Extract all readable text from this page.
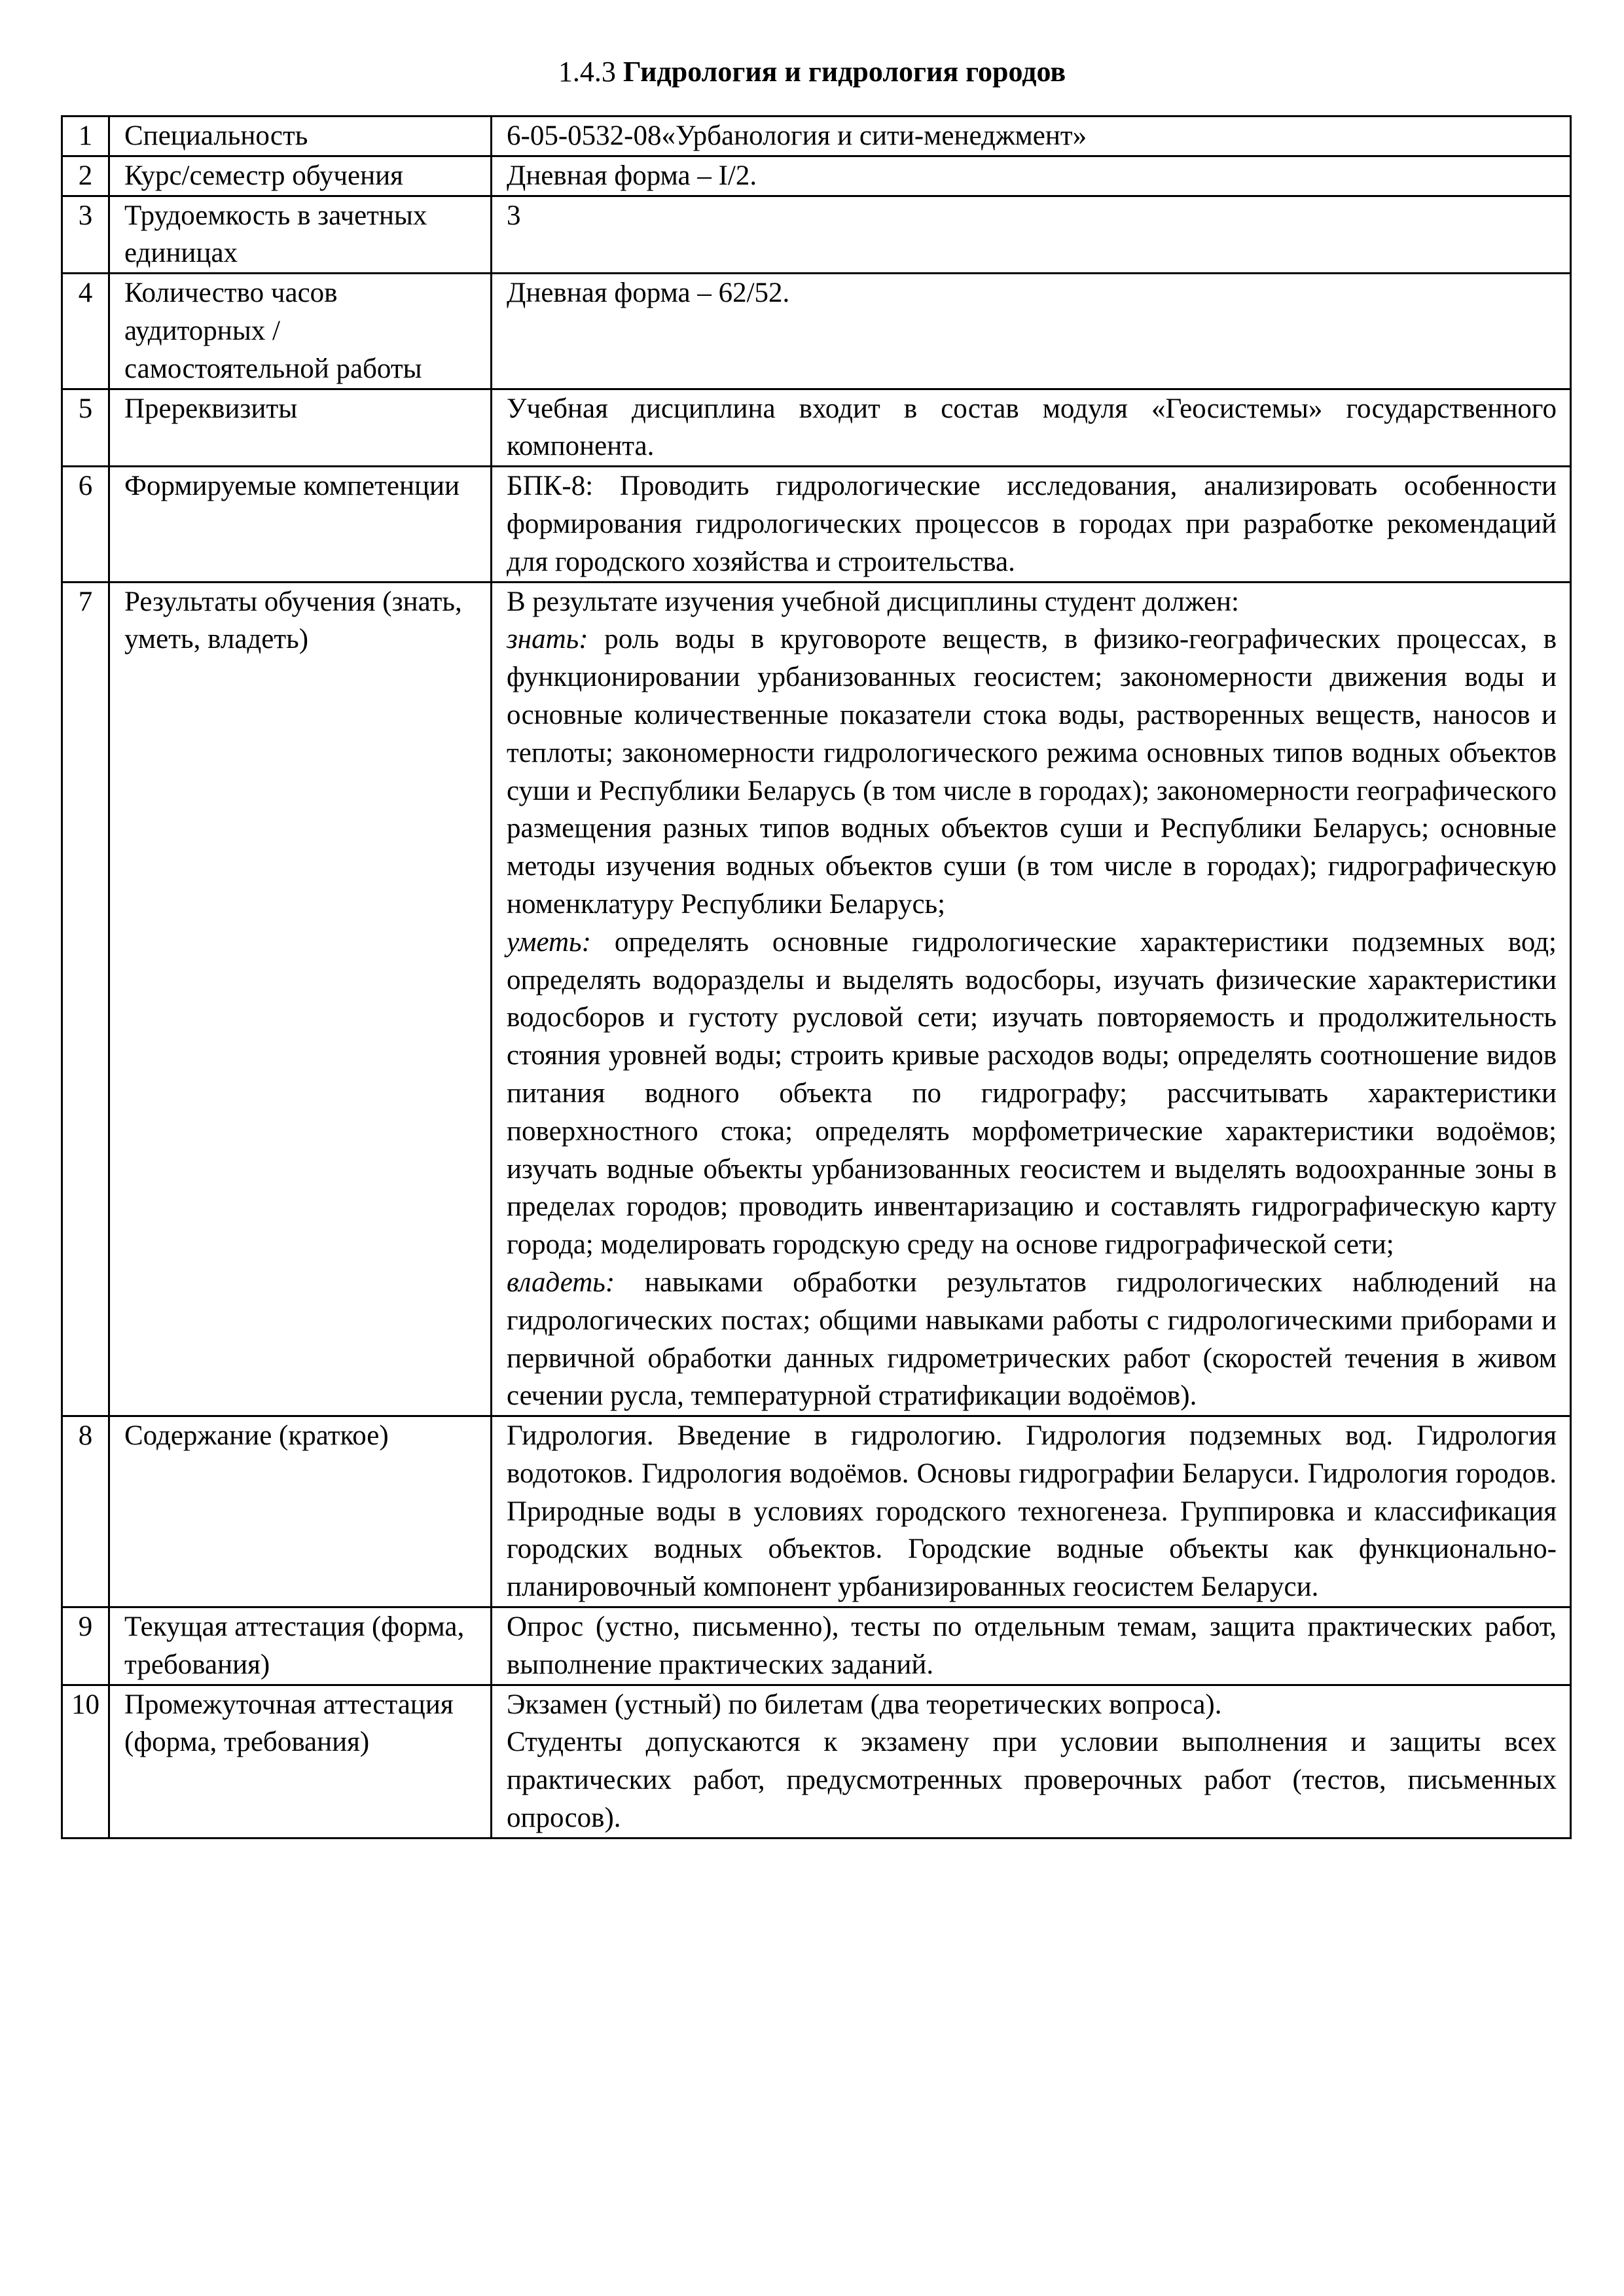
1.4.3 Гидрология и гидрология городов
1	Специальность	6-05-0532-08«Урбанология и сити-менеджмент»
2	Курс/семестр обучения	Дневная форма – I/2.
3	Трудоемкость в зачетных единицах	3
4	Количество часов аудиторных / самостоятельной работы	Дневная форма – 62/52.
5	Пререквизиты	Учебная дисциплина входит в состав модуля «Геосистемы» государственного компонента.
6	Формируемые компетенции	БПК-8: Проводить гидрологические исследования, анализировать особенности формирования гидрологических процессов в городах при разработке рекомендаций для городского хозяйства и строительства.
7	Результаты обучения (знать, уметь, владеть)	В результате изучения учебной дисциплины студент должен:
знать: роль воды в круговороте веществ, в физико-географических процессах, в функционировании урбанизованных геосистем; закономерности движения воды и основные количественные показатели стока воды, растворенных веществ, наносов и теплоты; закономерности гидрологического режима основных типов водных объектов суши и Республики Беларусь (в том числе в городах); закономерности географического размещения разных типов водных объектов суши и Республики Беларусь; основные методы изучения водных объектов суши (в том числе в городах); гидрографическую номенклатуру Республики Беларусь;
уметь: определять основные гидрологические характеристики подземных вод; определять водоразделы и выделять водосборы, изучать физические характеристики водосборов и густоту русловой сети; изучать повторяемость и продолжительность стояния уровней воды; строить кривые расходов воды; определять соотношение видов питания водного объекта по гидрографу; рассчитывать характеристики поверхностного стока; определять морфометрические характеристики водоёмов; изучать водные объекты урбанизованных геосистем и выделять водоохранные зоны в пределах городов; проводить инвентаризацию и составлять гидрографическую карту города; моделировать городскую среду на основе гидрографической сети;
владеть: навыками обработки результатов гидрологических наблюдений на гидрологических постах; общими навыками работы с гидрологическими приборами и первичной обработки данных гидрометрических работ (скоростей течения в живом сечении русла, температурной стратификации водоёмов).

8	Содержание (краткое)	Гидрология. Введение в гидрологию. Гидрология подземных вод. Гидрология водотоков. Гидрология водоёмов. Основы гидрографии Беларуси. Гидрология городов. Природные воды в условиях городского техногенеза. Группировка и классификация городских водных объектов. Городские водные объекты как функционально-планировочный компонент урбанизированных геосистем Беларуси.
9	Текущая аттестация (форма, требования)	Опрос (устно, письменно), тесты по отдельным темам, защита практических работ, выполнение практических заданий.
10	Промежуточная аттестация (форма, требования)	Экзамен (устный) по билетам (два теоретических вопроса).
Студенты допускаются к экзамену при условии выполнения и защиты всех практических работ, предусмотренных проверочных работ (тестов, письменных опросов).
